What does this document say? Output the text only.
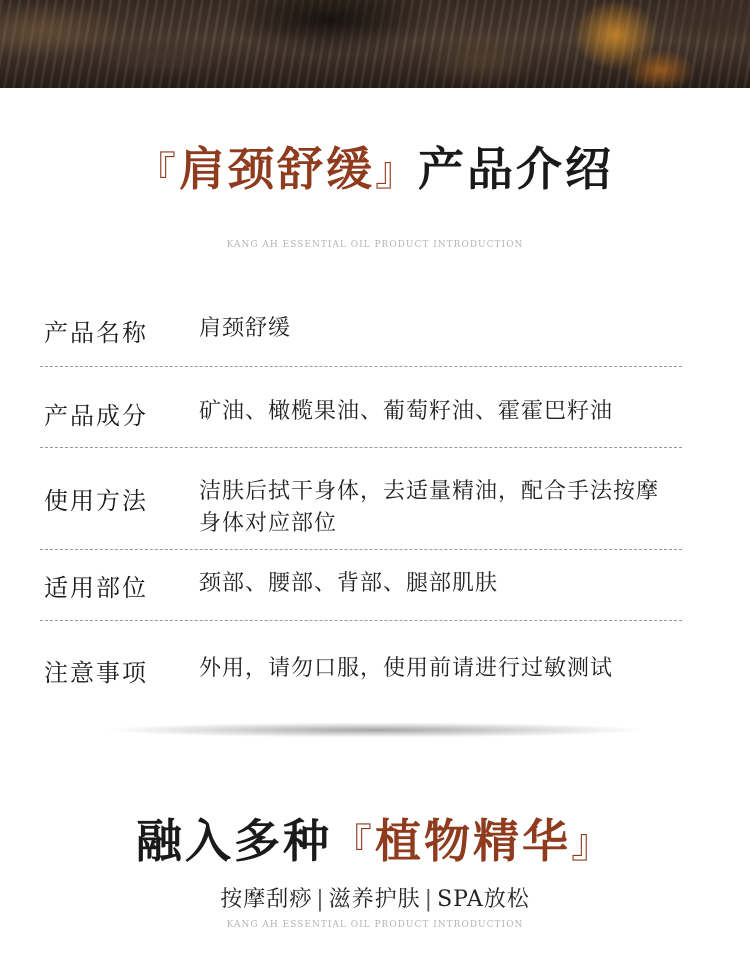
『肩颈舒缓』产品介绍
KANG AH ESSENTIAL OIL PRODUCT INTRODUCTION
产品名称 肩颈舒缓
产品成分 矿油、橄榄果油、葡萄籽油、霍霍巴籽油
使用方法 洁肤后拭干身体，去适量精油，配合手法按摩身体对应部位
适用部位 颈部、腰部、背部、腿部肌肤
注意事项 外用，请勿口服，使用前请进行过敏测试
融入多种『植物精华』
按摩刮痧 | 滋养护肤 | SPA放松
KANG AH ESSENTIAL OIL PRODUCT INTRODUCTION
